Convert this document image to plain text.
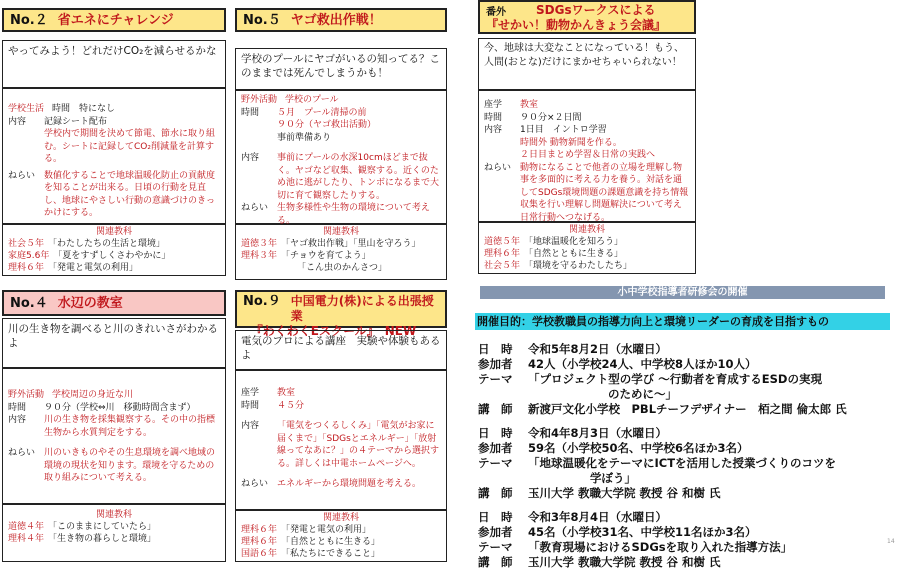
No.２ 省エネにチャレンジ
やってみよう！どれだけCO₂を減らせるかな
学校生活 時間　特になし
内容	記録シート配布
学校内で期間を決めて節電、節水に取り組む。シートに記録してCO₂削減量を計算する。
ねらい 数値化することで地球温暖化防止の貢献度を知ることが出来る。日頃の行動を見直し、地球にやさしい行動の意識づけのきっかけにする。
関連教科
社会５年 「わたしたちの生活と環境」
家庭5.6年 「夏をすずしくさわやかに」
理科６年 「発電と電気の利用」
No.５ ヤゴ救出作戦！
学校のプールにヤゴがいるの知ってる？このままでは死んでしまうかも！
野外活動 学校のプール
時間	５月　プール清掃の前
９０分（ヤゴ救出活動）
事前準備あり
内容	事前にプールの水深10cmほどまで抜く。ヤゴなど収集、観察する。近くのため池に逃がしたり、トンボになるまで大切に育て観察したりする。
ねらい 生物多様性や生物の環境について考える。
関連教科
道徳３年 「ヤゴ救出作戦」「里山を守ろう」
理科３年 「チョウを育てよう」
「こん虫のかんさつ」
番外	SDGsワークスによる
『せかい！動物かんきょう会議』
今、地球は大変なことになっている！もう、人間(おとな)だけにまかせちゃいられない！
座学	教室
時間	９０分×２日間
内容	1日目　イントロ学習
時間外 動物新聞を作る。
２日目まとめ学習＆日常の実践へ
ねらい 動物になることで他者の立場を理解し物事を多面的に考える力を養う。対話を通してSDGs環境問題の課題意識を持ち情報収集を行い理解し問題解決について考え日常行動へつなげる。
関連教科
道徳５年 「地球温暖化を知ろう」
理科６年 「自然とともに生きる」
社会５年 「環境を守るわたしたち」
No.４ 水辺の教室
川の生き物を調べると川のきれいさがわかるよ
野外活動 学校周辺の身近な川
時間	９０分（学校⇔川　移動時間含まず）
内容	川の生き物を採集観察する。その中の指標生物から水質判定をする。
ねらい 川のいきものやその生息環境を調べ地域の環境の現状を知ります。環境を守るための取り組みについて考える。
関連教科
道徳４年 「このままにしていたら」
理科４年 「生き物の暮らしと環境」
No.９ 中国電力(株)による出張授業
『わくわくEスクール』　NEW
電気のプロによる講座　実験や体験もあるよ
座学	教室
時間	４５分
内容	「電気をつくるしくみ」「電気がお家に届くまで」「SDGsとエネルギー」「放射線ってなあに？」の４テーマから選択する。詳しくは中電ホームページへ。
ねらい エネルギーから環境問題を考える。
関連教科
理科６年 「発電と電気の利用」
理科６年 「自然とともに生きる」
国語６年 「私たちにできること」
小中学校指導者研修会の開催
開催目的：学校教職員の指導力向上と環境リーダーの育成を目指すもの
日　時	令和5年8月2日（水曜日）
参加者	42人（小学校24人、中学校8人ほか10人）
テーマ	「プロジェクト型の学び ～行動者を育成するESDの実現
のために～」
講　師	新渡戸文化小学校　PBLチーフデザイナー　栢之間 倫太郎 氏
日　時	令和4年8月3日（水曜日）
参加者	59名（小学校50名、中学校6名ほか3名）
テーマ	「地球温暖化をテーマにICTを活用した授業づくりのコツを
学ぼう」
講　師	玉川大学 教職大学院 教授 谷 和樹 氏
日　時	令和3年8月4日（水曜日）
参加者	45名（小学校31名、中学校11名ほか3名）
テーマ	「教育現場におけるSDGsを取り入れた指導方法」
講　師	玉川大学 教職大学院 教授 谷 和樹 氏
14
